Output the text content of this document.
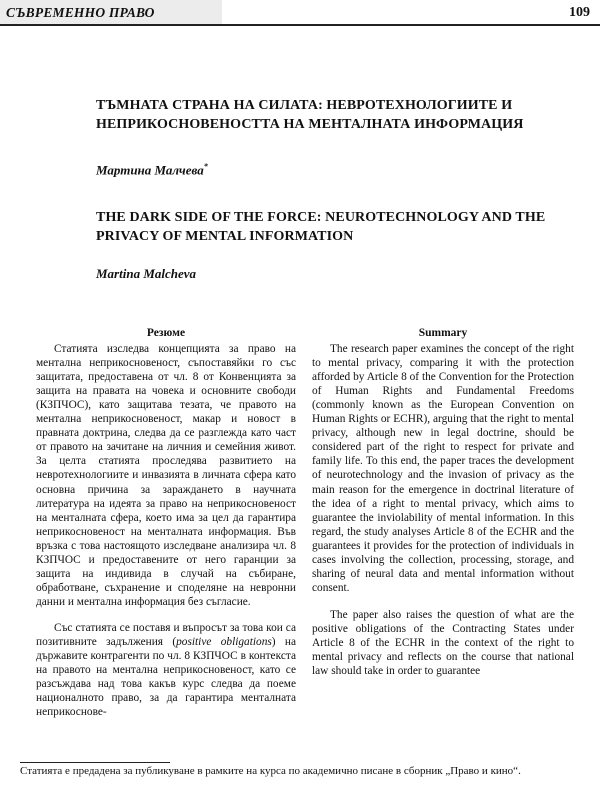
СЪВРЕМЕННО ПРАВО	109
ТЪМНАТА СТРАНА НА СИЛАТА: НЕВРОТЕХНОЛОГИИТЕ И НЕПРИКОСНОВЕНОСТТА НА МЕНТАЛНАТА ИНФОРМАЦИЯ
Мартина Малчева*
THE DARK SIDE OF THE FORCE: NEUROTECHNOLOGY AND THE PRIVACY OF MENTAL INFORMATION
Martina Malcheva
Резюме

Статията изследва концепцията за право на ментална неприкосновеност, съпоставяйки го със защитата, предоставена от чл. 8 от Конвенцията за защита на правата на човека и основните свободи (КЗПЧОС), като защитава тезата, че правото на ментална неприкосновеност, макар и новост в правната доктрина, следва да се разглежда като част от правото на зачитане на личния и семейния живот. За целта статията проследява развитието на невротехнологиите и инвазията в личната сфера като основна причина за зараждането в научната литература на идеята за право на неприкосновеност на менталната сфера, което има за цел да гарантира неприкосновеност на менталната информация. Във връзка с това настоящото изследване анализира чл. 8 КЗПЧОС и предоставените от него гаранции за защита на индивида в случай на събиране, обработване, съхранение и споделяне на невронни данни и ментална информация без съгласие.

Със статията се поставя и въпросът за това кои са позитивните задължения (positive obligations) на държавите контрагенти по чл. 8 КЗПЧОС в контекста на правото на ментална неприкосновеност, като се разсъждава над това какъв курс следва да поеме националното право, за да гарантира менталната неприкоснове-

Summary

The research paper examines the concept of the right to mental privacy, comparing it with the protection afforded by Article 8 of the Convention for the Protection of Human Rights and Fundamental Freedoms (commonly known as the European Convention on Human Rights or ECHR), arguing that the right to mental privacy, although new in legal doctrine, should be considered part of the right to respect for private and family life. To this end, the paper traces the development of neurotechnology and the invasion of privacy as the main reason for the emergence in doctrinal literature of the idea of a right to mental privacy, which aims to guarantee the inviolability of mental information. In this regard, the study analyses Article 8 of the ECHR and the guarantees it provides for the protection of individuals in cases involving the collection, processing, storage, and sharing of neural data and mental information without consent.

The paper also raises the question of what are the positive obligations of the Contracting States under Article 8 of the ECHR in the context of the right to mental privacy and reflects on the course that national law should take in order to guarantee

Статията е предадена за публикуване в рамките на курса по академично писане в сборник „Право и кино“.
